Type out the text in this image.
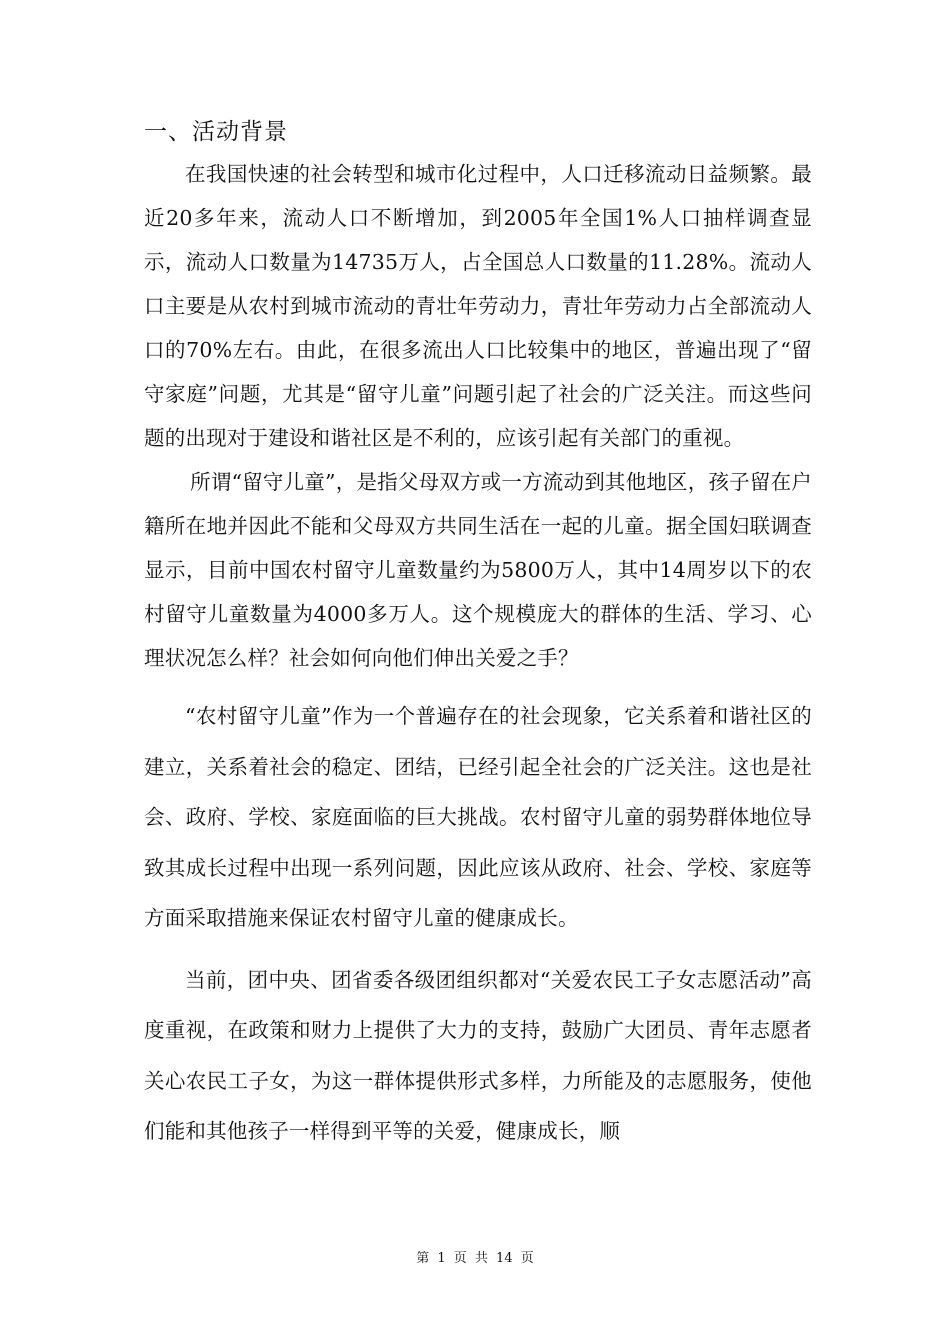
一、活动背景

在我国快速的社会转型和城市化过程中，人口迁移流动日益频繁。最近20多年来，流动人口不断增加，到2005年全国1%人口抽样调查显示，流动人口数量为14735万人，占全国总人口数量的11.28%。流动人口主要是从农村到城市流动的青壮年劳动力，青壮年劳动力占全部流动人口的70%左右。由此，在很多流出人口比较集中的地区，普遍出现了“留守家庭”问题，尤其是“留守儿童”问题引起了社会的广泛关注。而这些问题的出现对于建设和谐社区是不利的，应该引起有关部门的重视。

所谓“留守儿童”，是指父母双方或一方流动到其他地区，孩子留在户籍所在地并因此不能和父母双方共同生活在一起的儿童。据全国妇联调查显示，目前中国农村留守儿童数量约为5800万人，其中14周岁以下的农村留守儿童数量为4000多万人。这个规模庞大的群体的生活、学习、心理状况怎么样？社会如何向他们伸出关爱之手？

“农村留守儿童”作为一个普遍存在的社会现象，它关系着和谐社区的建立，关系着社会的稳定、团结，已经引起全社会的广泛关注。这也是社会、政府、学校、家庭面临的巨大挑战。农村留守儿童的弱势群体地位导致其成长过程中出现一系列问题，因此应该从政府、社会、学校、家庭等方面采取措施来保证农村留守儿童的健康成长。

当前，团中央、团省委各级团组织都对“关爱农民工子女志愿活动”高度重视，在政策和财力上提供了大力的支持，鼓励广大团员、青年志愿者关心农民工子女，为这一群体提供形式多样，力所能及的志愿服务，使他们能和其他孩子一样得到平等的关爱，健康成长，顺

第 1 页 共 14 页
